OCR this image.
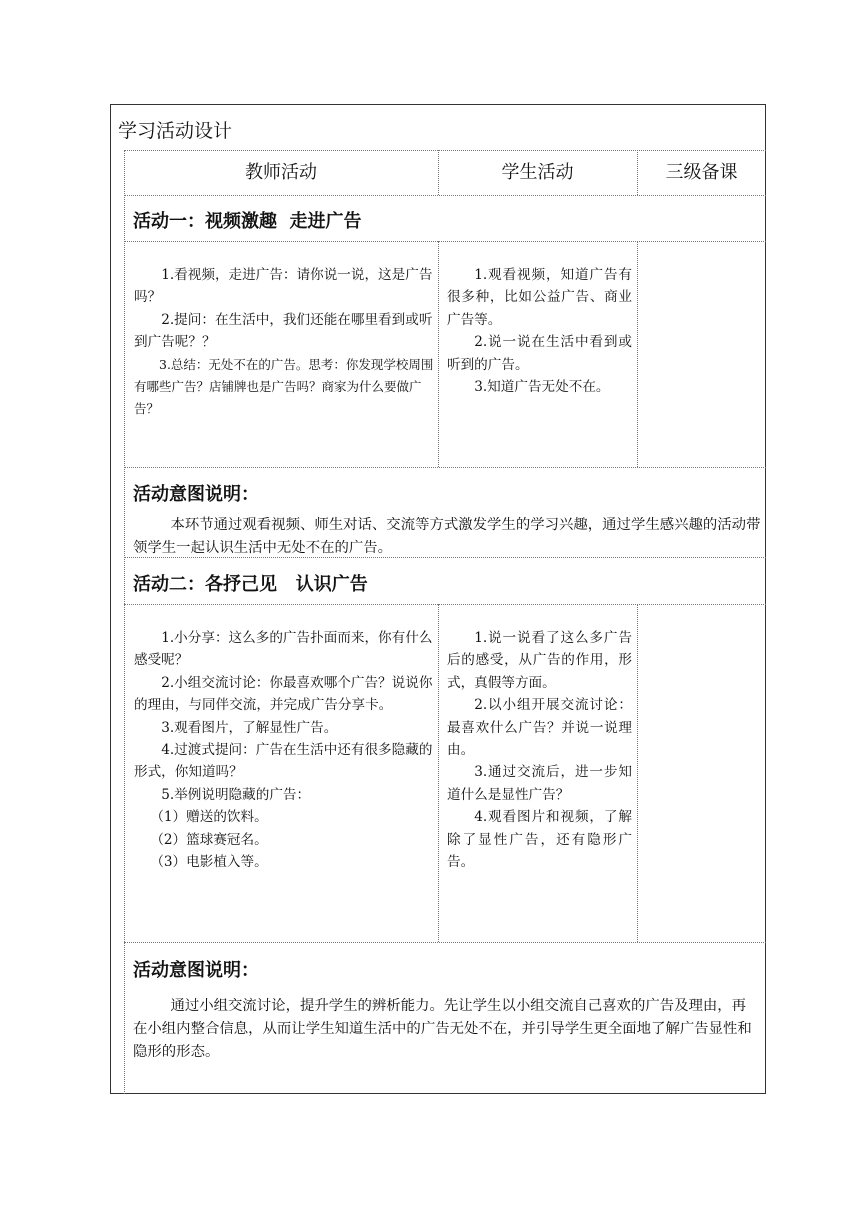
学习活动设计
教师活动	学生活动	三级备课
活动一：视频激趣  走进广告

1.看视频，走进广告：请你说一说，这是广告吗？

2.提问：在生活中，我们还能在哪里看到或听到广告呢？？

3.总结：无处不在的广告。思考：你发现学校周围有哪些广告？店铺牌也是广告吗？商家为什么要做广告？

1.观看视频，知道广告有很多种，比如公益广告、商业广告等。

2.说一说在生活中看到或听到的广告。

3.知道广告无处不在。

活动意图说明：

本环节通过观看视频、师生对话、交流等方式激发学生的学习兴趣，通过学生感兴趣的活动带领学生一起认识生活中无处不在的广告。

活动二：各抒己见   认识广告

1.小分享：这么多的广告扑面而来，你有什么感受呢？

2.小组交流讨论：你最喜欢哪个广告？说说你的理由，与同伴交流，并完成广告分享卡。

3.观看图片，了解显性广告。

4.过渡式提问：广告在生活中还有很多隐藏的形式，你知道吗？

5.举例说明隐藏的广告：

（1）赠送的饮料。

（2）篮球赛冠名。

（3）电影植入等。

1.说一说看了这么多广告后的感受，从广告的作用，形式，真假等方面。

2.以小组开展交流讨论：最喜欢什么广告？并说一说理由。

3.通过交流后，进一步知道什么是显性广告？

4.观看图片和视频，了解除了显性广告，还有隐形广告。

活动意图说明：

通过小组交流讨论，提升学生的辨析能力。先让学生以小组交流自己喜欢的广告及理由，再在小组内整合信息，从而让学生知道生活中的广告无处不在，并引导学生更全面地了解广告显性和隐形的形态。
